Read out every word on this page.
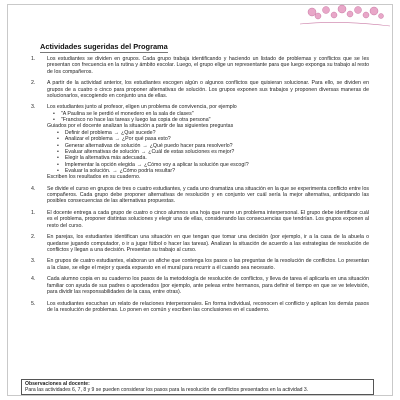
Actividades sugeridas del Programa
1.	Los estudiantes se dividen en grupos. Cada grupo trabaja identificando y haciendo un listado de problemas y conflictos que se les presentan con frecuencia en la rutina y ámbito escolar. Luego, el grupo elige un representante para que luego exponga su trabajo al resto de los compañeros.
2.	A partir de la actividad anterior, los estudiantes escogen algún o algunos conflictos que quisieran solucionar. Para ello, se dividen en grupos de a cuatro o cinco para proponer alternativas de solución. Los grupos exponen sus trabajos y proponen diversas maneras de solucionarlos, escogiendo en conjunto una de ellas.
3.	Los estudiantes junto al profesor, eligen un problema de convivencia, por ejemplo
• "A Paulina se le perdió el monedero en la sala de clases"
• "Francisco no hace las tareas y luego las copia de otra persona"
Guiados por el docente analizan la situación a partir de las siguientes preguntas
• Definir del problema → ¿Qué sucede?
• Analizar el problema → ¿Por qué pasa esto?
• Generar alternativas de solución → ¿Qué puedo hacer para resolverlo?
• Evaluar alternativas de solución → ¿Cuál de estas soluciones es mejor?
• Elegir la alternativa más adecuada.
• Implementar la opción elegida → ¿Cómo voy a aplicar la solución que escogí?
• Evaluar la solución. → ¿Cómo podría resultar?
Escriben los resultados en su cuaderno.
4.	Se divide el curso en grupos de tres o cuatro estudiantes, y cada uno dramatiza una situación en la que se experimenta conflicto entre los compañeros. Cada grupo debe proponer alternativas de resolución y en conjunto ver cuál sería la mejor alternativa, anticipando las posibles consecuencias de las alternativas propuestas.
1.	El docente entrega a cada grupo de cuatro o cinco alumnos una hoja que narre un problema interpersonal. El grupo debe identificar cuál es el problema, proponer distintas soluciones y elegir una de ellas, considerando las consecuencias que tendrían. Los grupos exponen al resto del curso.
2.	En parejas, los estudiantes identifican una situación en que tengan que tomar una decisión (por ejemplo, ir a la casa de la abuela o quedarse jugando computador, o ir a jugar fútbol o hacer las tareas). Analizan la situación de acuerdo a las estrategias de resolución de conflictos y llegan a una decisión. Presentan su trabajo al curso.
3.	En grupos de cuatro estudiantes, elaboran un afiche que contenga los pasos o las preguntas de la resolución de conflictos. Lo presentan a la clase, se elige el mejor y queda expuesto en el mural para recurrir a él cuando sea necesario.
4.	Cada alumno copia en su cuaderno los pasos de la metodología de resolución de conflictos, y lleva de tarea el aplicarla en una situación familiar con ayuda de sus padres o apoderados (por ejemplo, ante peleas entre hermanos, para definir el tiempo en que se ve televisión, para dividir las responsabilidades de la casa, entre otras).
5.	Los estudiantes escuchan un relato de relaciones interpersonales. En forma individual, reconocen el conflicto y aplican los demás pasos de la resolución de problemas. Lo ponen en común y escriben las conclusiones en el cuaderno.
Observaciones al docente:
Para las actividades 6, 7, 8 y 9 se pueden considerar los pasos para la resolución de conflictos presentados en la actividad 3.
